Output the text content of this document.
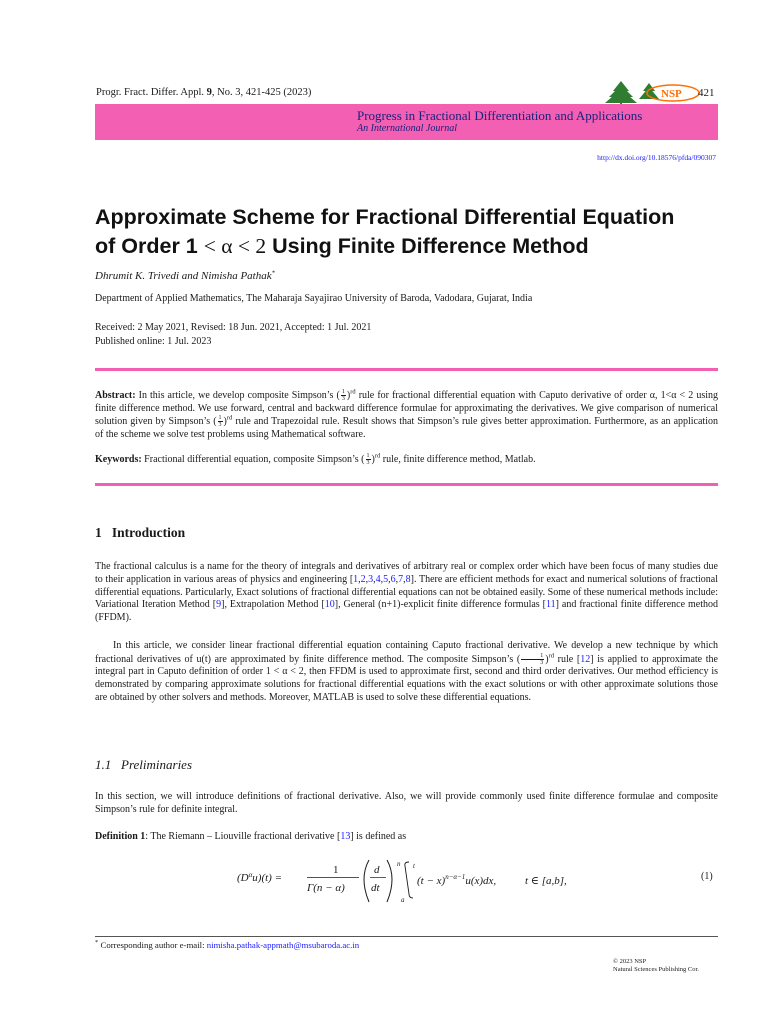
Progr. Fract. Differ. Appl. 9, No. 3, 421-425 (2023)	NSP 421
Progress in Fractional Differentiation and Applications
An International Journal
http://dx.doi.org/10.18576/pfda/090307
Approximate Scheme for Fractional Differential Equation
of Order 1 < α < 2 Using Finite Difference Method
Dhrumit K. Trivedi and Nimisha Pathak*
Department of Applied Mathematics, The Maharaja Sayajirao University of Baroda, Vadodara, Gujarat, India
Received: 2 May 2021, Revised: 18 Jun. 2021, Accepted: 1 Jul. 2021
Published online: 1 Jul. 2023
Abstract: In this article, we develop composite Simpson’s ( $\frac{1}{3} )^{rd}$ rule for fractional differential equation with Caputo derivative of order α, 1<α < 2 using finite difference method. We use forward, central and backward difference formulae for approximating the derivatives. We give comparison of numerical solution given by Simpson’s ( $\frac{1}{3} )^{rd}$ rule and Trapezoidal rule. Result shows that Simpson’s rule gives better approximation. Furthermore, as an application of the scheme we solve test problems using Mathematical software.
Keywords: Fractional differential equation, composite Simpson’s ( $\frac{1}{3} )^{rd}$ rule, finite difference method, Matlab.
1 Introduction
The fractional calculus is a name for the theory of integrals and derivatives of arbitrary real or complex order which have been focus of many studies due to their application in various areas of physics and engineering [1,2,3,4,5,6,7,8]. There are efficient methods for exact and numerical solutions of fractional differential equations. Particularly, Exact solutions of fractional differential equations can not be obtained easily. Some of these numerical methods include: Variational Iteration Method [9], Extrapolation Method [10], General (n+1)-explicit finite difference formulas [11] and fractional finite difference method (FFDM).
In this article, we consider linear fractional differential equation containing Caputo fractional derivative. We develop a new technique by which fractional derivatives of u(t) are approximated by finite difference method. The composite Simpson’s ( $\frac{1}{3} )^{rd}$ rule [12] is applied to approximate the integral part in Caputo definition of order 1 < α < 2, then FFDM is used to approximate first, second and third order derivatives. Our method efficiency is demonstrated by comparing approximate solutions for fractional differential equations with the exact solutions or with other approximate solutions those are obtained by other solvers and methods. Moreover, MATLAB is used to solve these differential equations.
1.1 Preliminaries
In this section, we will introduce definitions of fractional derivative. Also, we will provide commonly used finite difference formulae and composite Simpson’s rule for definite integral.
Definition 1: The Riemann – Liouville fractional derivative [13] is defined as
$(D^\alpha u)(t)$ =
1
Γ(n − α)
d
dt
n t
a
$(t - x)^{n-\alpha-1}u(x)dx$,	t ∈ [a,b],	(1)
* Corresponding author e-mail: nimisha.pathak-appmath@msubaroda.ac.in
© 2023 NSP
Natural Sciences Publishing Cor.
